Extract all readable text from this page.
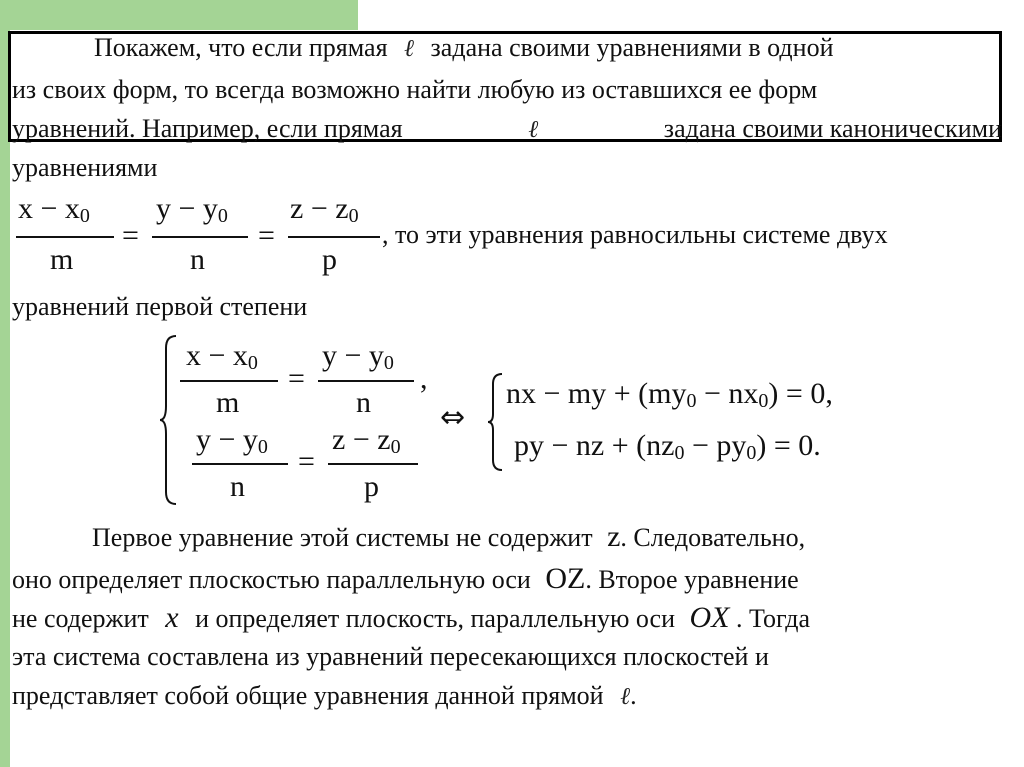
Покажем, что если прямая ℓ задана своими уравнениями в одной
из своих форм, то всегда возможно найти любую из оставшихся ее форм
уравнений. Например, если прямая	ℓ	задана своими каноническими
уравнениями
x − x0
m
=
y − y0
n
=
z − z0
p
, то эти уравнения равносильны системе двух
уравнений первой степени
x − x0
m
=
y − y0
n
,
y − y0
n
=
z − z0
p
⇔
nx − my + (my0 − nx0) = 0,
py − nz + (nz0 − py0) = 0.
Первое уравнение этой системы не содержит z. Следовательно,
оно определяет плоскостью параллельную оси OZ. Второе уравнение
не содержит x и определяет плоскость, параллельную оси OX . Тогда
эта система составлена из уравнений пересекающихся плоскостей и
представляет собой общие уравнения данной прямой ℓ.
